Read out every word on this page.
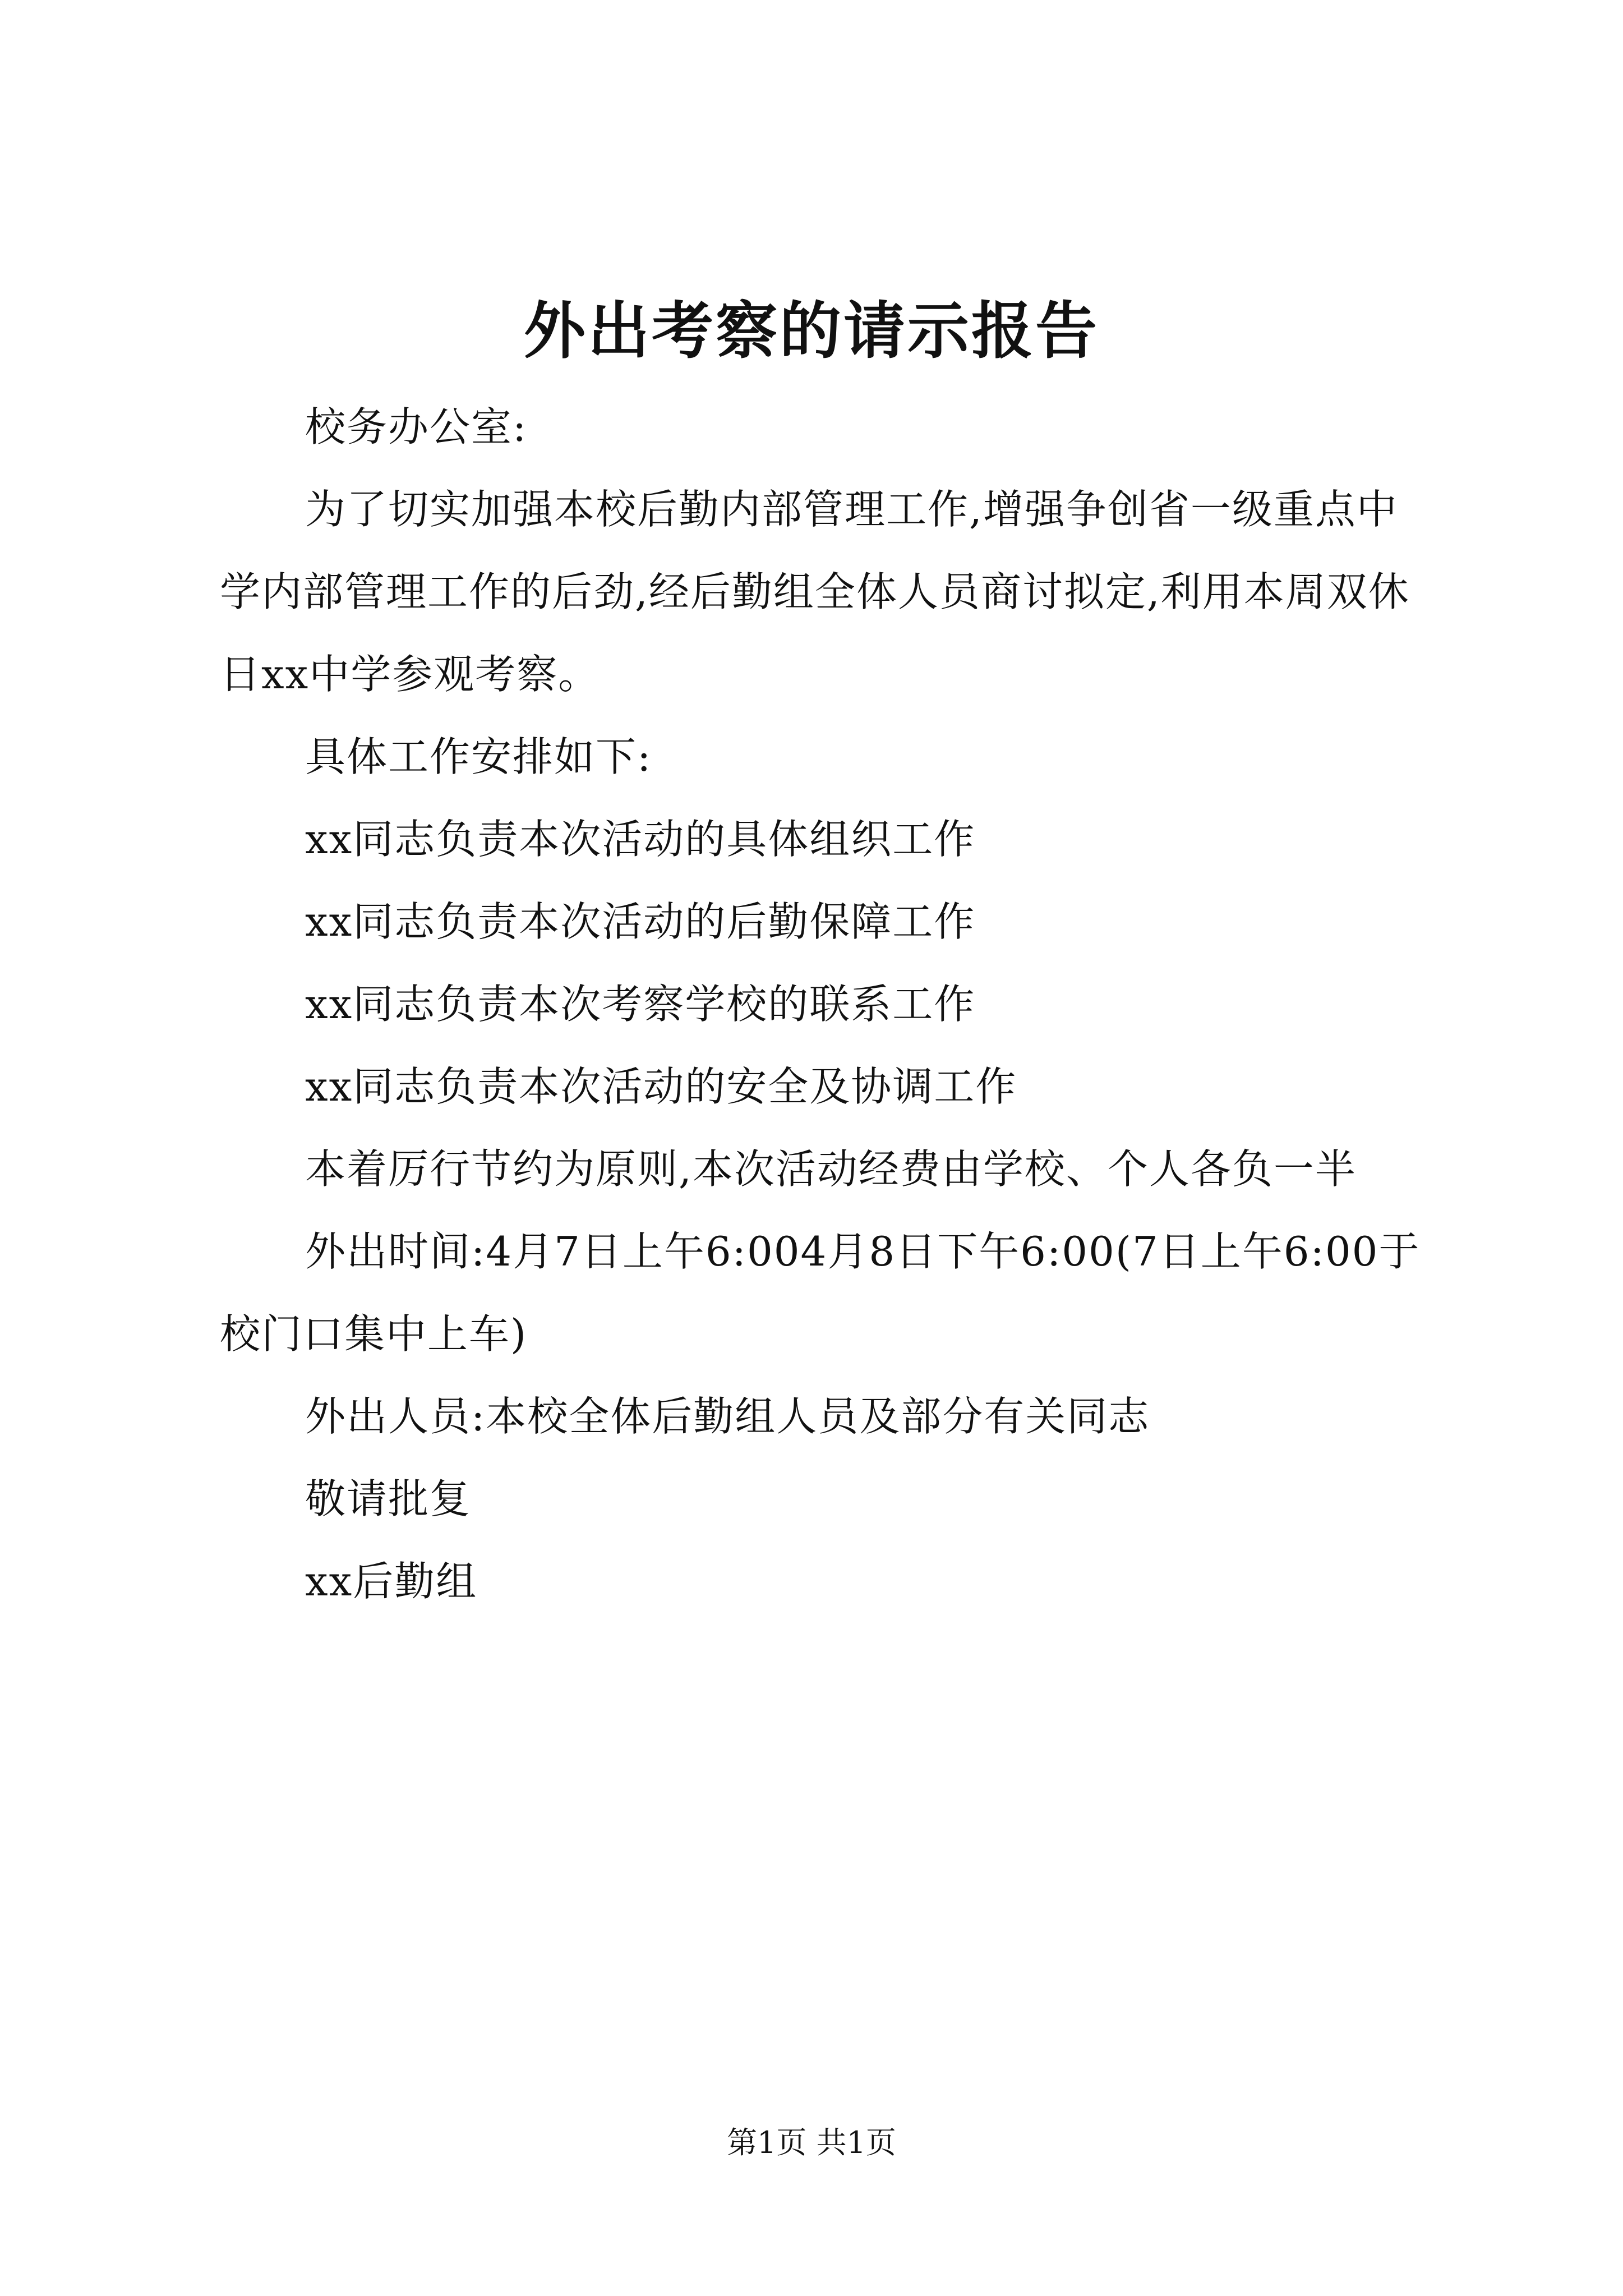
外出考察的请示报告

校务办公室:

为了切实加强本校后勤内部管理工作,增强争创省一级重点中学内部管理工作的后劲,经后勤组全体人员商讨拟定,利用本周双休日xx中学参观考察。

具体工作安排如下:

xx同志负责本次活动的具体组织工作

xx同志负责本次活动的后勤保障工作

xx同志负责本次考察学校的联系工作

xx同志负责本次活动的安全及协调工作

本着厉行节约为原则,本次活动经费由学校、个人各负一半

外出时间:4月7日上午6:004月8日下午6:00(7日上午6:00于校门口集中上车)

外出人员:本校全体后勤组人员及部分有关同志

敬请批复

xx后勤组

第1页 共1页
